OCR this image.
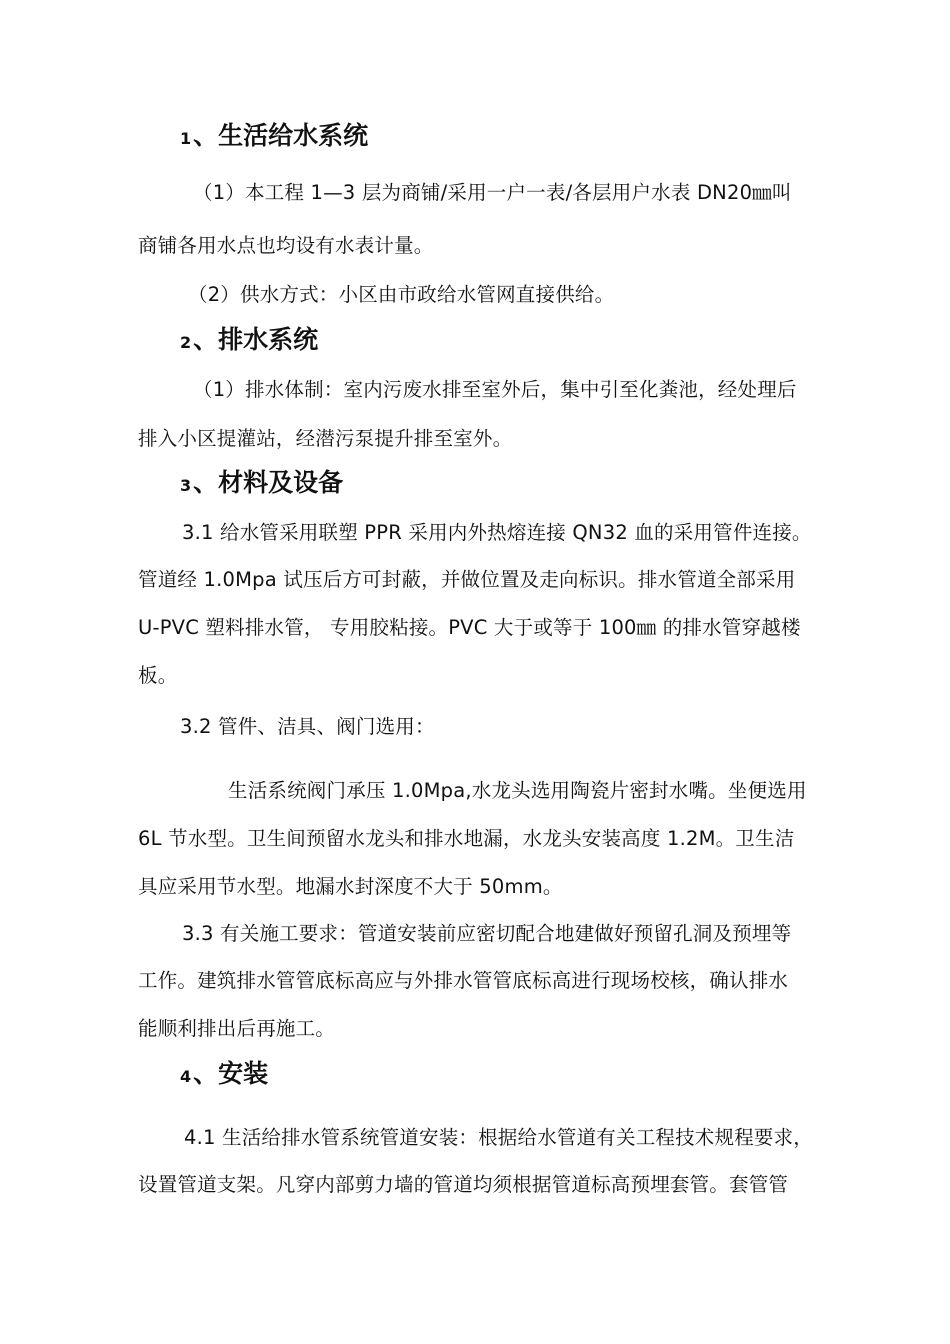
1、生活给水系统
（1）本工程 1—3 层为商铺/采用一户一表/各层用户水表 DN20㎜叫
商铺各用水点也均设有水表计量。
（2）供水方式：小区由市政给水管网直接供给。
2、排水系统
（1）排水体制：室内污废水排至室外后，集中引至化粪池，经处理后
排入小区提灌站，经潜污泵提升排至室外。
3、材料及设备
3.1 给水管采用联塑 PPR 采用内外热熔连接 QN32 血的采用管件连接。
管道经 1.0Mpa 试压后方可封蔽，并做位置及走向标识。排水管道全部采用
U-PVC 塑料排水管， 专用胶粘接。PVC 大于或等于 100㎜ 的排水管穿越楼
板。
3.2 管件、洁具、阀门选用：
生活系统阀门承压 1.0Mpa,水龙头选用陶瓷片密封水嘴。坐便选用
6L 节水型。卫生间预留水龙头和排水地漏，水龙头安装高度 1.2M。卫生洁
具应采用节水型。地漏水封深度不大于 50mm。
3.3 有关施工要求：管道安装前应密切配合地建做好预留孔洞及预埋等
工作。建筑排水管管底标高应与外排水管管底标高进行现场校核，确认排水
能顺利排出后再施工。
4、安装
4.1 生活给排水管系统管道安装：根据给水管道有关工程技术规程要求，
设置管道支架。凡穿内部剪力墙的管道均须根据管道标高预埋套管。套管管
